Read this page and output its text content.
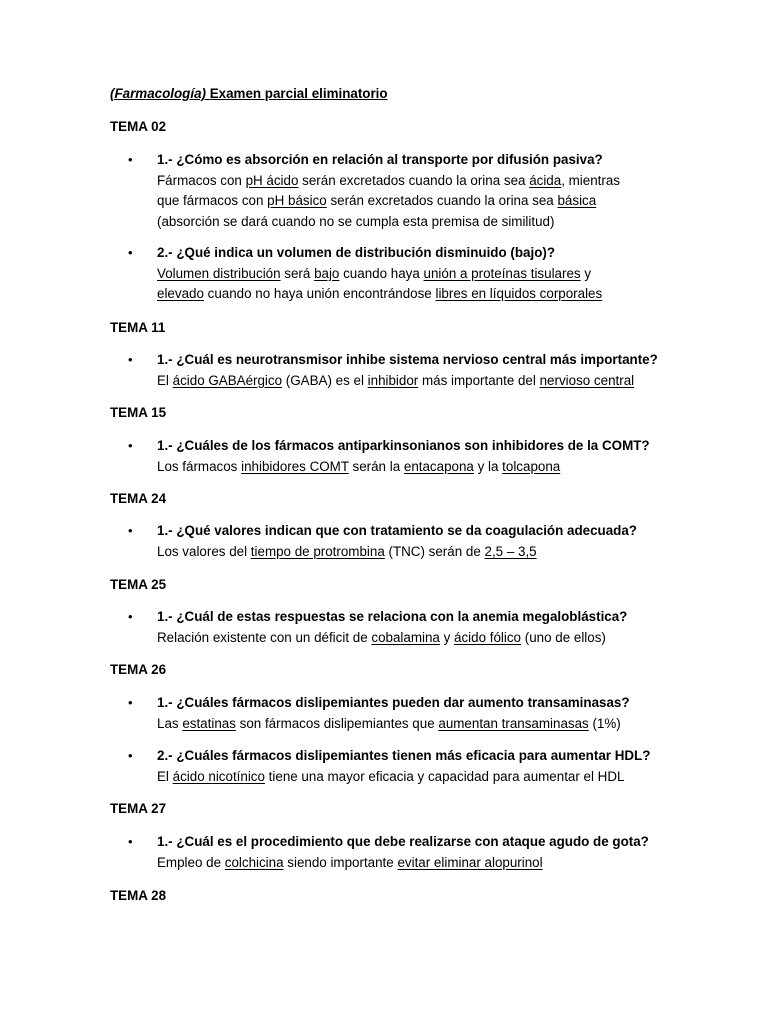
(Farmacología) Examen parcial eliminatorio
TEMA 02
• 1.- ¿Cómo es absorción en relación al transporte por difusión pasiva?
Fármacos con pH ácido serán excretados cuando la orina sea ácida, mientras
que fármacos con pH básico serán excretados cuando la orina sea básica
(absorción se dará cuando no se cumpla esta premisa de similitud)
• 2.- ¿Qué indica un volumen de distribución disminuido (bajo)?
Volumen distribución será bajo cuando haya unión a proteínas tisulares y
elevado cuando no haya unión encontrándose libres en líquidos corporales
TEMA 11
• 1.- ¿Cuál es neurotransmisor inhibe sistema nervioso central más importante?
El ácido GABAérgico (GABA) es el inhibidor más importante del nervioso central
TEMA 15
• 1.- ¿Cuáles de los fármacos antiparkinsonianos son inhibidores de la COMT?
Los fármacos inhibidores COMT serán la entacapona y la tolcapona
TEMA 24
• 1.- ¿Qué valores indican que con tratamiento se da coagulación adecuada?
Los valores del tiempo de protrombina (TNC) serán de 2,5 – 3,5
TEMA 25
• 1.- ¿Cuál de estas respuestas se relaciona con la anemia megaloblástica?
Relación existente con un déficit de cobalamina y ácido fólico (uno de ellos)
TEMA 26
• 1.- ¿Cuáles fármacos dislipemiantes pueden dar aumento transaminasas?
Las estatinas son fármacos dislipemiantes que aumentan transaminasas (1%)
• 2.- ¿Cuáles fármacos dislipemiantes tienen más eficacia para aumentar HDL?
El ácido nicotínico tiene una mayor eficacia y capacidad para aumentar el HDL
TEMA 27
• 1.- ¿Cuál es el procedimiento que debe realizarse con ataque agudo de gota?
Empleo de colchicina siendo importante evitar eliminar alopurinol
TEMA 28
